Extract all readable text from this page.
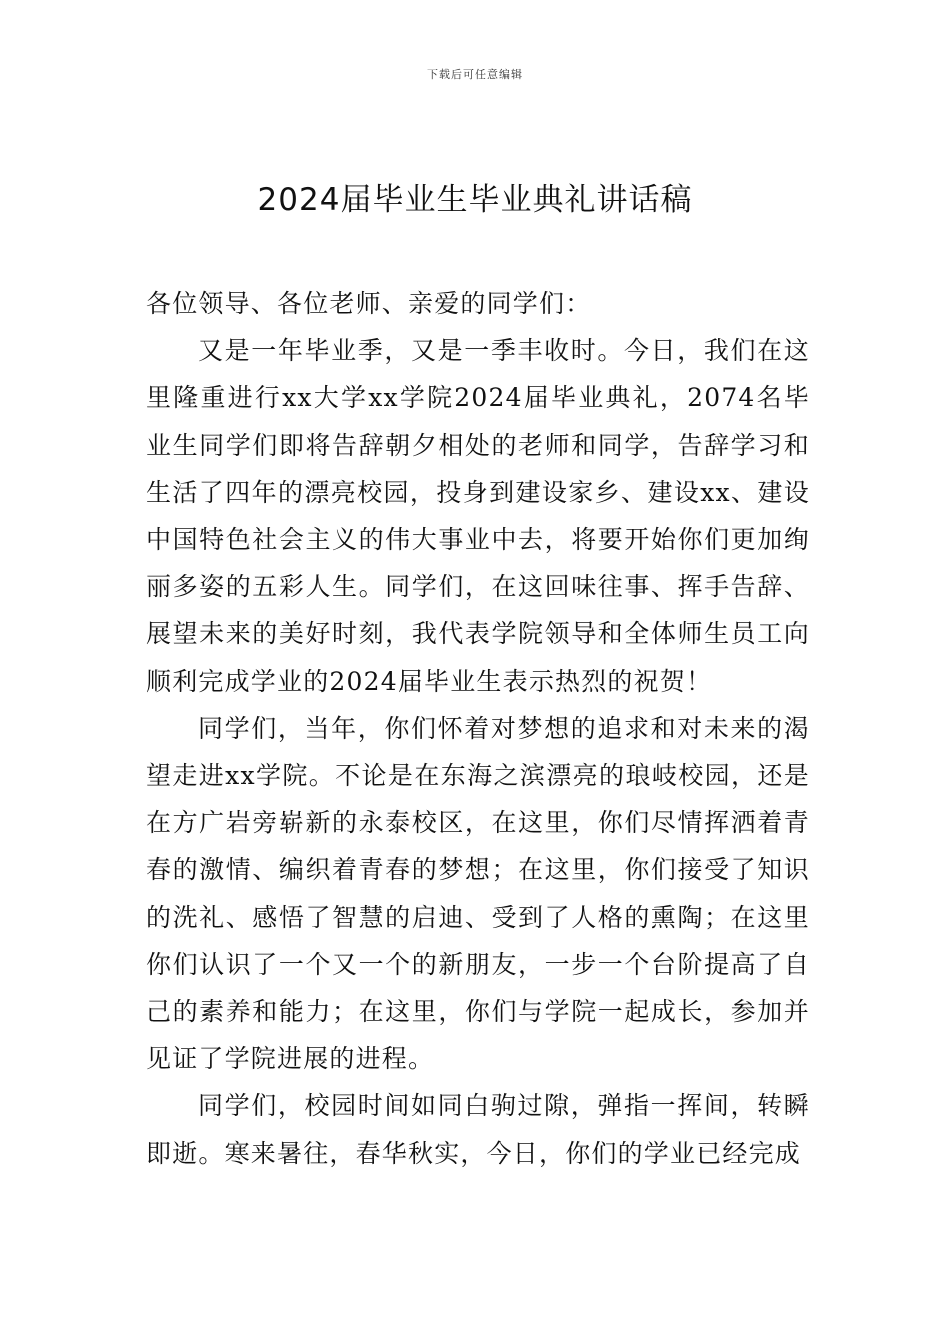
下载后可任意编辑
2024届毕业生毕业典礼讲话稿

各位领导、各位老师、亲爱的同学们：

又是一年毕业季，又是一季丰收时。今日，我们在这里隆重进行xx大学xx学院2024届毕业典礼，2074名毕业生同学们即将告辞朝夕相处的老师和同学，告辞学习和生活了四年的漂亮校园，投身到建设家乡、建设xx、建设中国特色社会主义的伟大事业中去，将要开始你们更加绚丽多姿的五彩人生。同学们，在这回味往事、挥手告辞、展望未来的美好时刻，我代表学院领导和全体师生员工向顺利完成学业的2024届毕业生表示热烈的祝贺！

同学们，当年，你们怀着对梦想的追求和对未来的渴望走进xx学院。不论是在东海之滨漂亮的琅岐校园，还是在方广岩旁崭新的永泰校区，在这里，你们尽情挥洒着青春的激情、编织着青春的梦想；在这里，你们接受了知识的洗礼、感悟了智慧的启迪、受到了人格的熏陶；在这里你们认识了一个又一个的新朋友，一步一个台阶提高了自己的素养和能力；在这里，你们与学院一起成长，参加并见证了学院进展的进程。

同学们，校园时间如同白驹过隙，弹指一挥间，转瞬即逝。寒来暑往，春华秋实，今日，你们的学业已经完成
